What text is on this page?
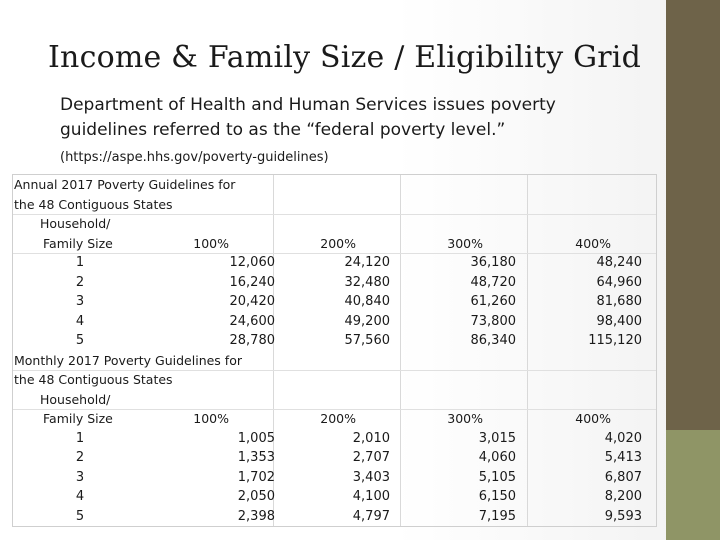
Income & Family Size / Eligibility Grid
Department of Health and Human Services issues poverty guidelines referred to as the “federal poverty level.”
(https://aspe.hhs.gov/poverty-guidelines)
Annual 2017 Poverty Guidelines for
the 48 Contiguous States
Household/
Family Size	100%	200%	300%	400%
1	12,060	24,120	36,180	48,240
2	16,240	32,480	48,720	64,960
3	20,420	40,840	61,260	81,680
4	24,600	49,200	73,800	98,400
5	28,780	57,560	86,340	115,120
Monthly 2017 Poverty Guidelines for
the 48 Contiguous States
Household/
Family Size	100%	200%	300%	400%
1	1,005	2,010	3,015	4,020
2	1,353	2,707	4,060	5,413
3	1,702	3,403	5,105	6,807
4	2,050	4,100	6,150	8,200
5	2,398	4,797	7,195	9,593
